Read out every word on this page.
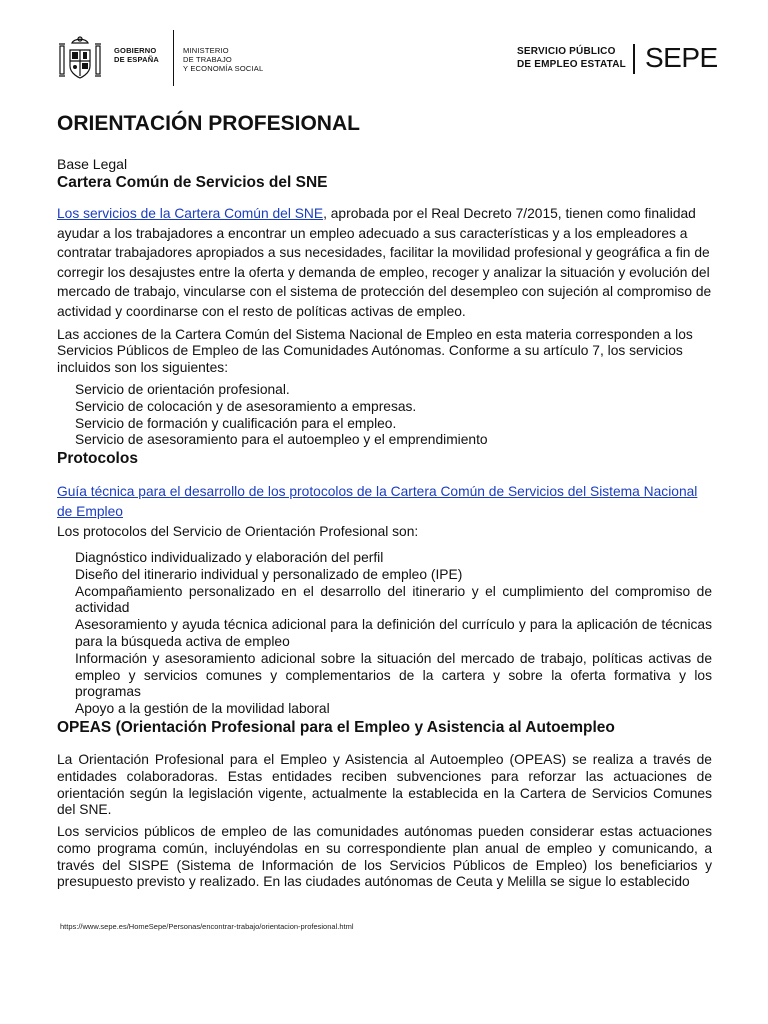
GOBIERNO
DE ESPAÑA
MINISTERIO
DE TRABAJO
Y ECONOMÍA SOCIAL
SERVICIO PÚBLICO
DE EMPLEO ESTATAL SEPE
ORIENTACIÓN PROFESIONAL

Base Legal

Cartera Común de Servicios del SNE

Los servicios de la Cartera Común del SNE, aprobada por el Real Decreto 7/2015, tienen como finalidad ayudar a los trabajadores a encontrar un empleo adecuado a sus características y a los empleadores a contratar trabajadores apropiados a sus necesidades, facilitar la movilidad profesional y geográfica a fin de corregir los desajustes entre la oferta y demanda de empleo, recoger y analizar la situación y evolución del mercado de trabajo, vincularse con el sistema de protección del desempleo con sujeción al compromiso de actividad y coordinarse con el resto de políticas activas de empleo.

Las acciones de la Cartera Común del Sistema Nacional de Empleo en esta materia corresponden a los Servicios Públicos de Empleo de las Comunidades Autónomas. Conforme a su artículo 7, los servicios incluidos son los siguientes:

Servicio de orientación profesional.
Servicio de colocación y de asesoramiento a empresas.
Servicio de formación y cualificación para el empleo.
Servicio de asesoramiento para el autoempleo y el emprendimiento
Protocolos

Guía técnica para el desarrollo de los protocolos de la Cartera Común de Servicios del Sistema Nacional de Empleo

Los protocolos del Servicio de Orientación Profesional son:

Diagnóstico individualizado y elaboración del perfil
Diseño del itinerario individual y personalizado de empleo (IPE)
Acompañamiento personalizado en el desarrollo del itinerario y el cumplimiento del compromiso de actividad
Asesoramiento y ayuda técnica adicional para la definición del currículo y para la aplicación de técnicas para la búsqueda activa de empleo
Información y asesoramiento adicional sobre la situación del mercado de trabajo, políticas activas de empleo y servicios comunes y complementarios de la cartera y sobre la oferta formativa y los programas
Apoyo a la gestión de la movilidad laboral
OPEAS (Orientación Profesional para el Empleo y Asistencia al Autoempleo

La Orientación Profesional para el Empleo y Asistencia al Autoempleo (OPEAS) se realiza a través de entidades colaboradoras. Estas entidades reciben subvenciones para reforzar las actuaciones de orientación según la legislación vigente, actualmente la establecida en la Cartera de Servicios Comunes del SNE.

Los servicios públicos de empleo de las comunidades autónomas pueden considerar estas actuaciones como programa común, incluyéndolas en su correspondiente plan anual de empleo y comunicando, a través del SISPE (Sistema de Información de los Servicios Públicos de Empleo) los beneficiarios y presupuesto previsto y realizado. En las ciudades autónomas de Ceuta y Melilla se sigue lo establecido

https://www.sepe.es/HomeSepe/Personas/encontrar-trabajo/orientacion-profesional.html
